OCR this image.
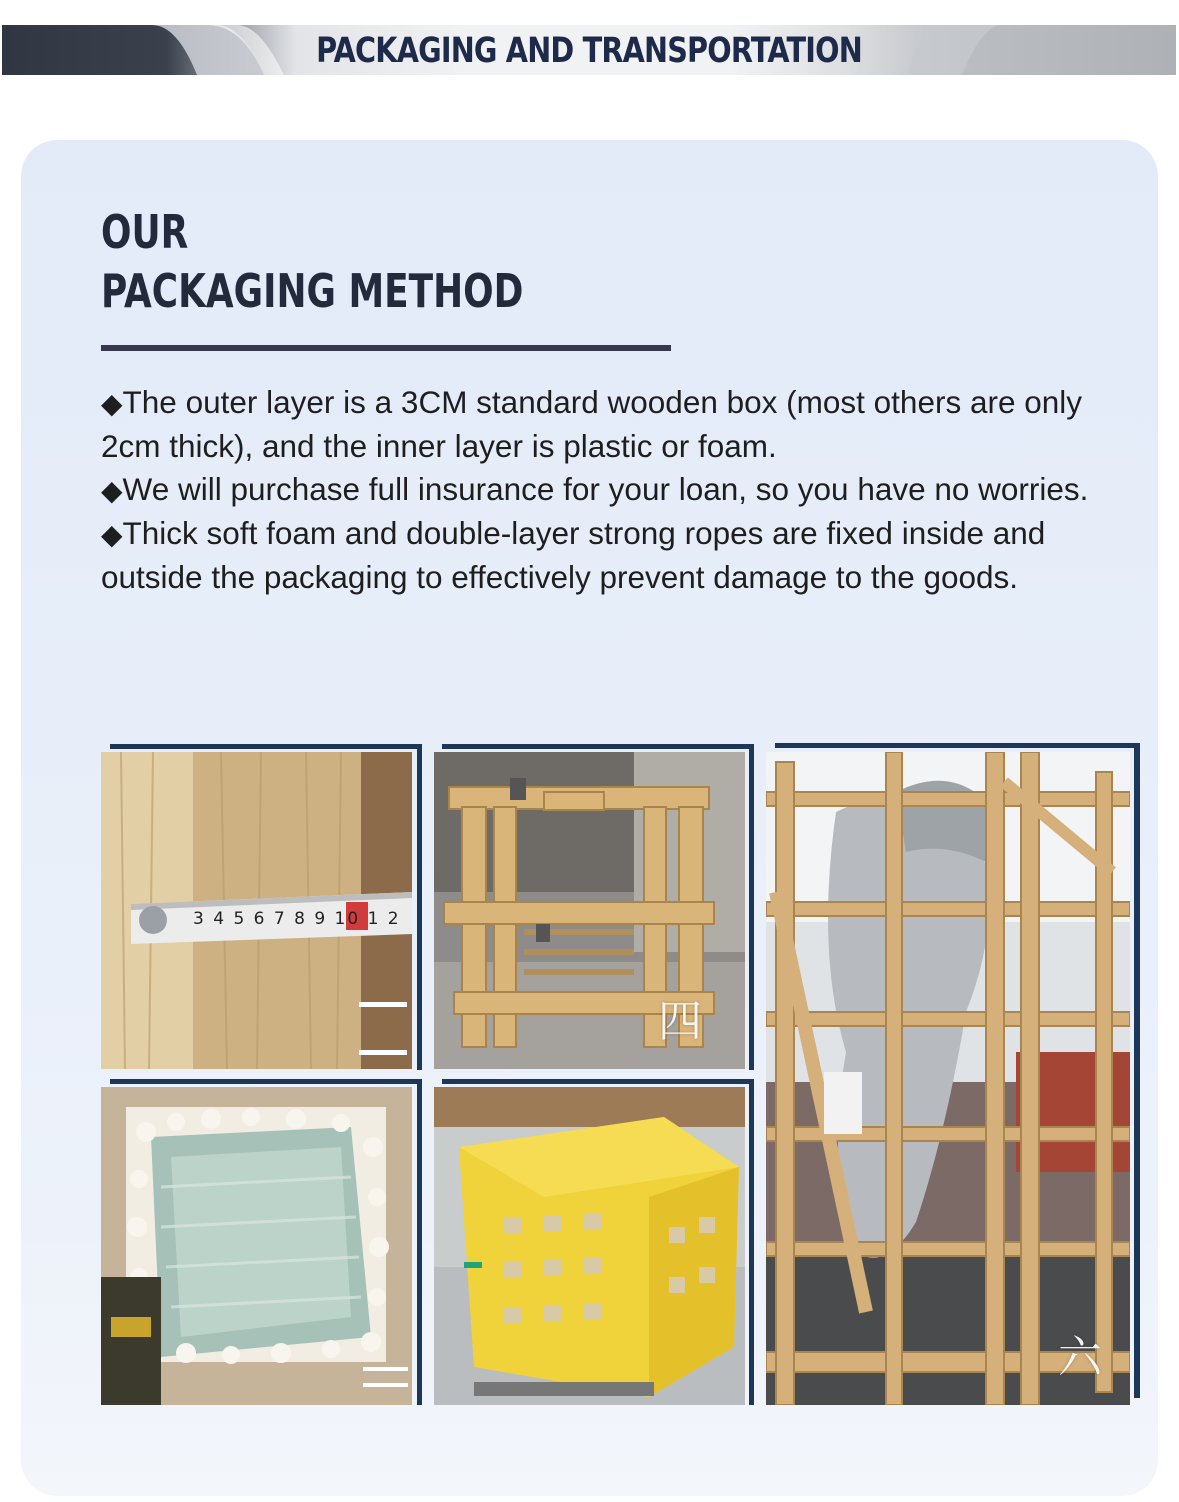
PACKAGING AND TRANSPORTATION
OUR
PACKAGING METHOD

◆The outer layer is a 3CM standard wooden box (most others are only 2cm thick), and the inner layer is plastic or foam.

◆We will purchase full insurance for your loan, so you have no worries.

◆Thick soft foam and double-layer strong ropes are fixed inside and outside the packaging to effectively prevent damage to the goods.

3 4 5 6 7 8 9 10 1 2
四
六
